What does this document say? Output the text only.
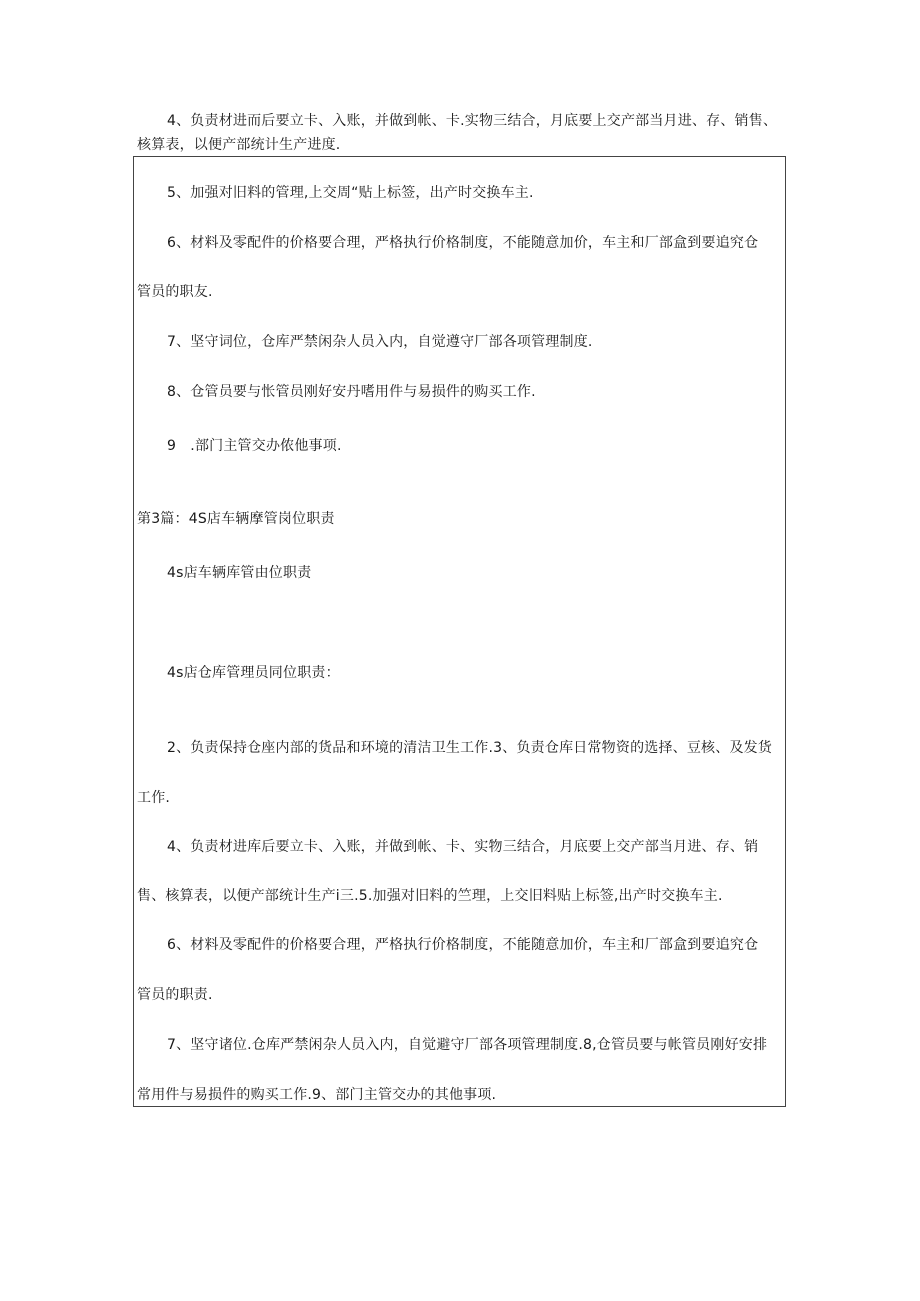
4、负责材进而后要立卡、入账，并做到帐、卡.实物三结合，月底要上交产部当月进、存、销售、
核算表，以便产部统计生产进度.
5、加强对旧料的管理,上交周“贴上标签，出产时交换车主.
6、材料及零配件的价格要合理，严格执行价格制度，不能随意加价，车主和厂部盒到要追究仓
管员的职友.
7、坚守词位，仓库严禁闲杂人员入内，自觉遵守厂部各项管理制度.
8、仓管员要与怅管员刚好安丹嗜用件与易损件的购买工作.
9　.部门主管交办侬他事项.
第3篇：4S店车辆摩管岗位职责
4s店车辆库管由位职责
4s店仓库管理员同位职责：
2、负责保持仓座内部的货品和环境的清洁卫生工作.3、负责仓库日常物资的选择、豆核、及发货
工作.
4、负责材进库后要立卡、入账，并做到帐、卡、实物三结合，月底要上交产部当月进、存、销
售、核算表，以便产部统计生产i三.5.加强对旧料的竺理，上交旧料贴上标签,出产时交换车主.
6、材料及零配件的价格要合理，严格执行价格制度，不能随意加价，车主和厂部盒到要追究仓
管员的职责.
7、坚守诸位.仓库严禁闲杂人员入内，自觉避守厂部各项管理制度.8,仓管员要与帐管员刚好安排
常用件与易损件的购买工作.9、部门主管交办的其他事项.
